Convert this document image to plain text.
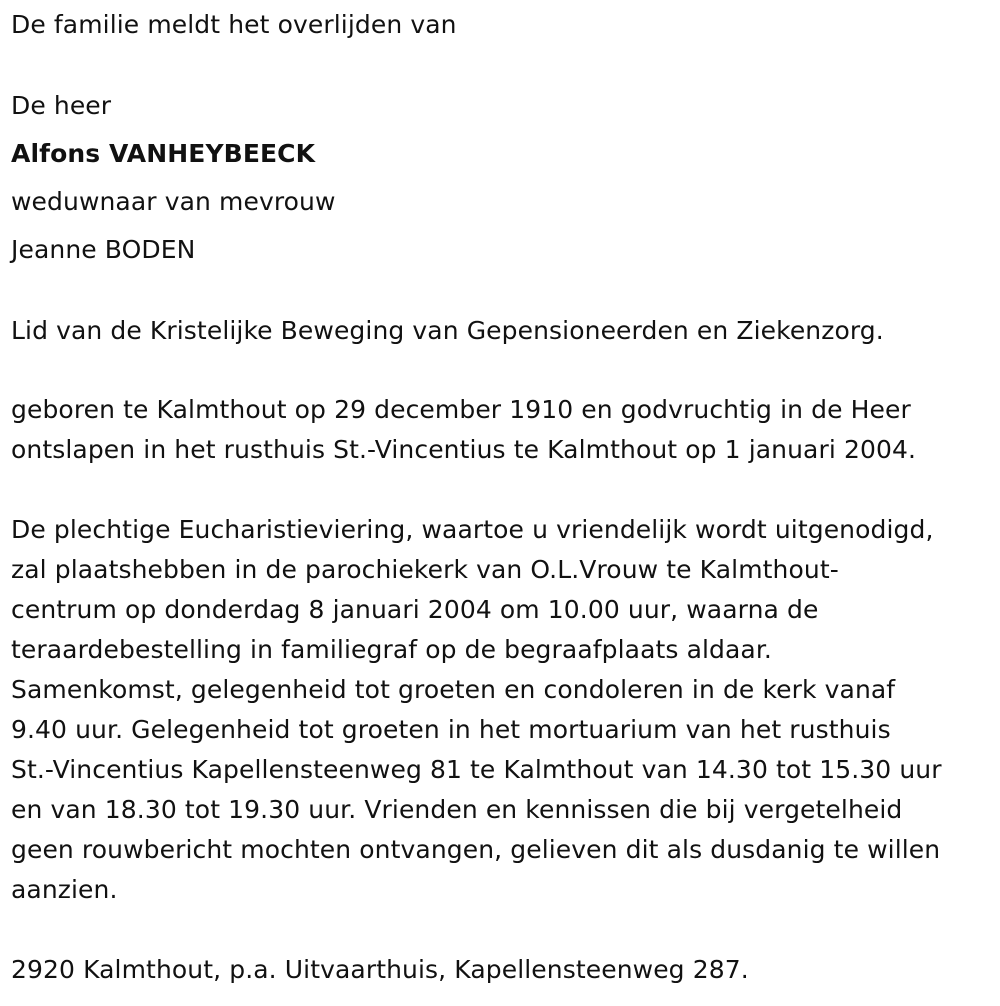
De familie meldt het overlijden van

De heer

Alfons VANHEYBEECK

weduwnaar van mevrouw

Jeanne BODEN

Lid van de Kristelijke Beweging van Gepensioneerden en Ziekenzorg.

geboren te Kalmthout op 29 december 1910 en godvruchtig in de Heer

ontslapen in het rusthuis St.-Vincentius te Kalmthout op 1 januari 2004.

De plechtige Eucharistieviering, waartoe u vriendelijk wordt uitgenodigd,

zal plaatshebben in de parochiekerk van O.L.Vrouw te Kalmthout-

centrum op donderdag 8 januari 2004 om 10.00 uur, waarna de

teraardebestelling in familiegraf op de begraafplaats aldaar.

Samenkomst, gelegenheid tot groeten en condoleren in de kerk vanaf

9.40 uur. Gelegenheid tot groeten in het mortuarium van het rusthuis

St.-Vincentius Kapellensteenweg 81 te Kalmthout van 14.30 tot 15.30 uur

en van 18.30 tot 19.30 uur. Vrienden en kennissen die bij vergetelheid

geen rouwbericht mochten ontvangen, gelieven dit als dusdanig te willen

aanzien.

2920 Kalmthout, p.a. Uitvaarthuis, Kapellensteenweg 287.
